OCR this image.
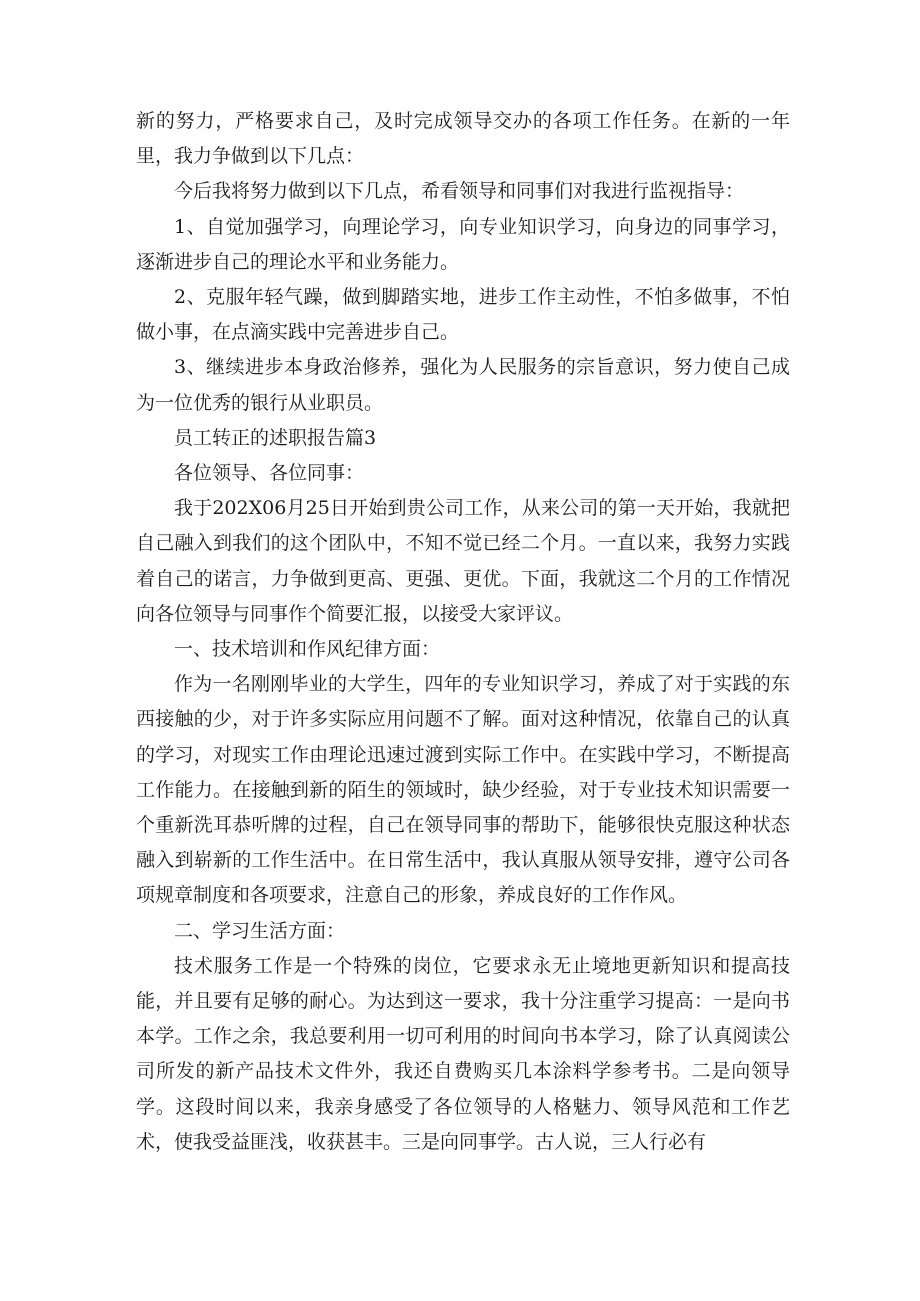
新的努力，严格要求自己，及时完成领导交办的各项工作任务。在新的一年里，我力争做到以下几点：

今后我将努力做到以下几点，希看领导和同事们对我进行监视指导：

1、自觉加强学习，向理论学习，向专业知识学习，向身边的同事学习，逐渐进步自己的理论水平和业务能力。

2、克服年轻气躁，做到脚踏实地，进步工作主动性，不怕多做事，不怕做小事，在点滴实践中完善进步自己。

3、继续进步本身政治修养，强化为人民服务的宗旨意识，努力使自己成为一位优秀的银行从业职员。

员工转正的述职报告篇3

各位领导、各位同事：

我于202X06月25日开始到贵公司工作，从来公司的第一天开始，我就把自己融入到我们的这个团队中，不知不觉已经二个月。一直以来，我努力实践着自己的诺言，力争做到更高、更强、更优。下面，我就这二个月的工作情况向各位领导与同事作个简要汇报，以接受大家评议。

一、技术培训和作风纪律方面：

作为一名刚刚毕业的大学生，四年的专业知识学习，养成了对于实践的东西接触的少，对于许多实际应用问题不了解。面对这种情况，依靠自己的认真的学习，对现实工作由理论迅速过渡到实际工作中。在实践中学习，不断提高工作能力。在接触到新的陌生的领域时，缺少经验，对于专业技术知识需要一个重新洗耳恭听牌的过程，自己在领导同事的帮助下，能够很快克服这种状态融入到崭新的工作生活中。在日常生活中，我认真服从领导安排，遵守公司各项规章制度和各项要求，注意自己的形象，养成良好的工作作风。

二、学习生活方面：

技术服务工作是一个特殊的岗位，它要求永无止境地更新知识和提高技能，并且要有足够的耐心。为达到这一要求，我十分注重学习提高：一是向书本学。工作之余，我总要利用一切可利用的时间向书本学习，除了认真阅读公司所发的新产品技术文件外，我还自费购买几本涂料学参考书。二是向领导学。这段时间以来，我亲身感受了各位领导的人格魅力、领导风范和工作艺术，使我受益匪浅，收获甚丰。三是向同事学。古人说，三人行必有
